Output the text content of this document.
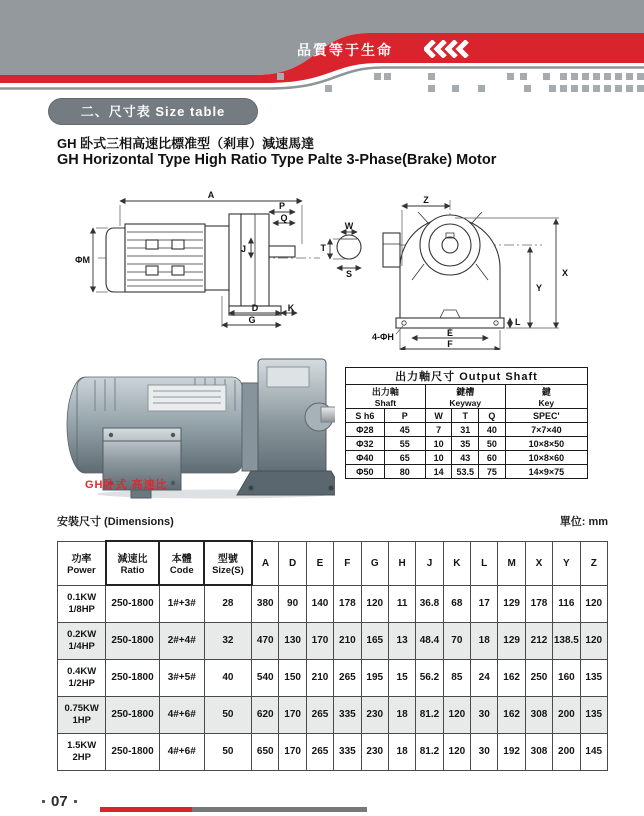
品質等于生命
二、尺寸表 Size table
GH 卧式三相高速比標准型（剎車）減速馬達
GH Horizontal Type High Ratio Type Palte 3-Phase(Brake) Motor
A
P
Q
ΦM
J
D	K
G
W
T
S
Z
X
Y
L
E
F
4-ΦH
GH卧式 高速比
出力軸尺寸 Output Shaft					

出力軸
Shaft

鍵槽
Keyway

鍵
Key

S h6	P	W	T	Q	SPEC'
Φ28	45	7	31	40	7×7×40
Φ32	55	10	35	50	10×8×50
Φ40	65	10	43	60	10×8×60
Φ50	80	14	53.5	75	14×9×75
安裝尺寸 (Dimensions)	單位: mm
功率
Power

減速比
Ratio

本體
Code

型號
Size(S)
	A	D	E	F	G	H	J	K	L	M	X	Y	Z

0.1KW
1/8HP	250-1800	1#+3#	28	380	90	140	178	120	11	36.8	68	17	129	178	116	120

0.2KW
1/4HP	250-1800	2#+4#	32	470	130	170	210	165	13	48.4	70	18	129	212	138.5	120

0.4KW
1/2HP	250-1800	3#+5#	40	540	150	210	265	195	15	56.2	85	24	162	250	160	135

0.75KW
1HP	250-1800	4#+6#	50	620	170	265	335	230	18	81.2	120	30	162	308	200	135

1.5KW
2HP	250-1800	4#+6#	50	650	170	265	335	230	18	81.2	120	30	192	308	200	145
07
